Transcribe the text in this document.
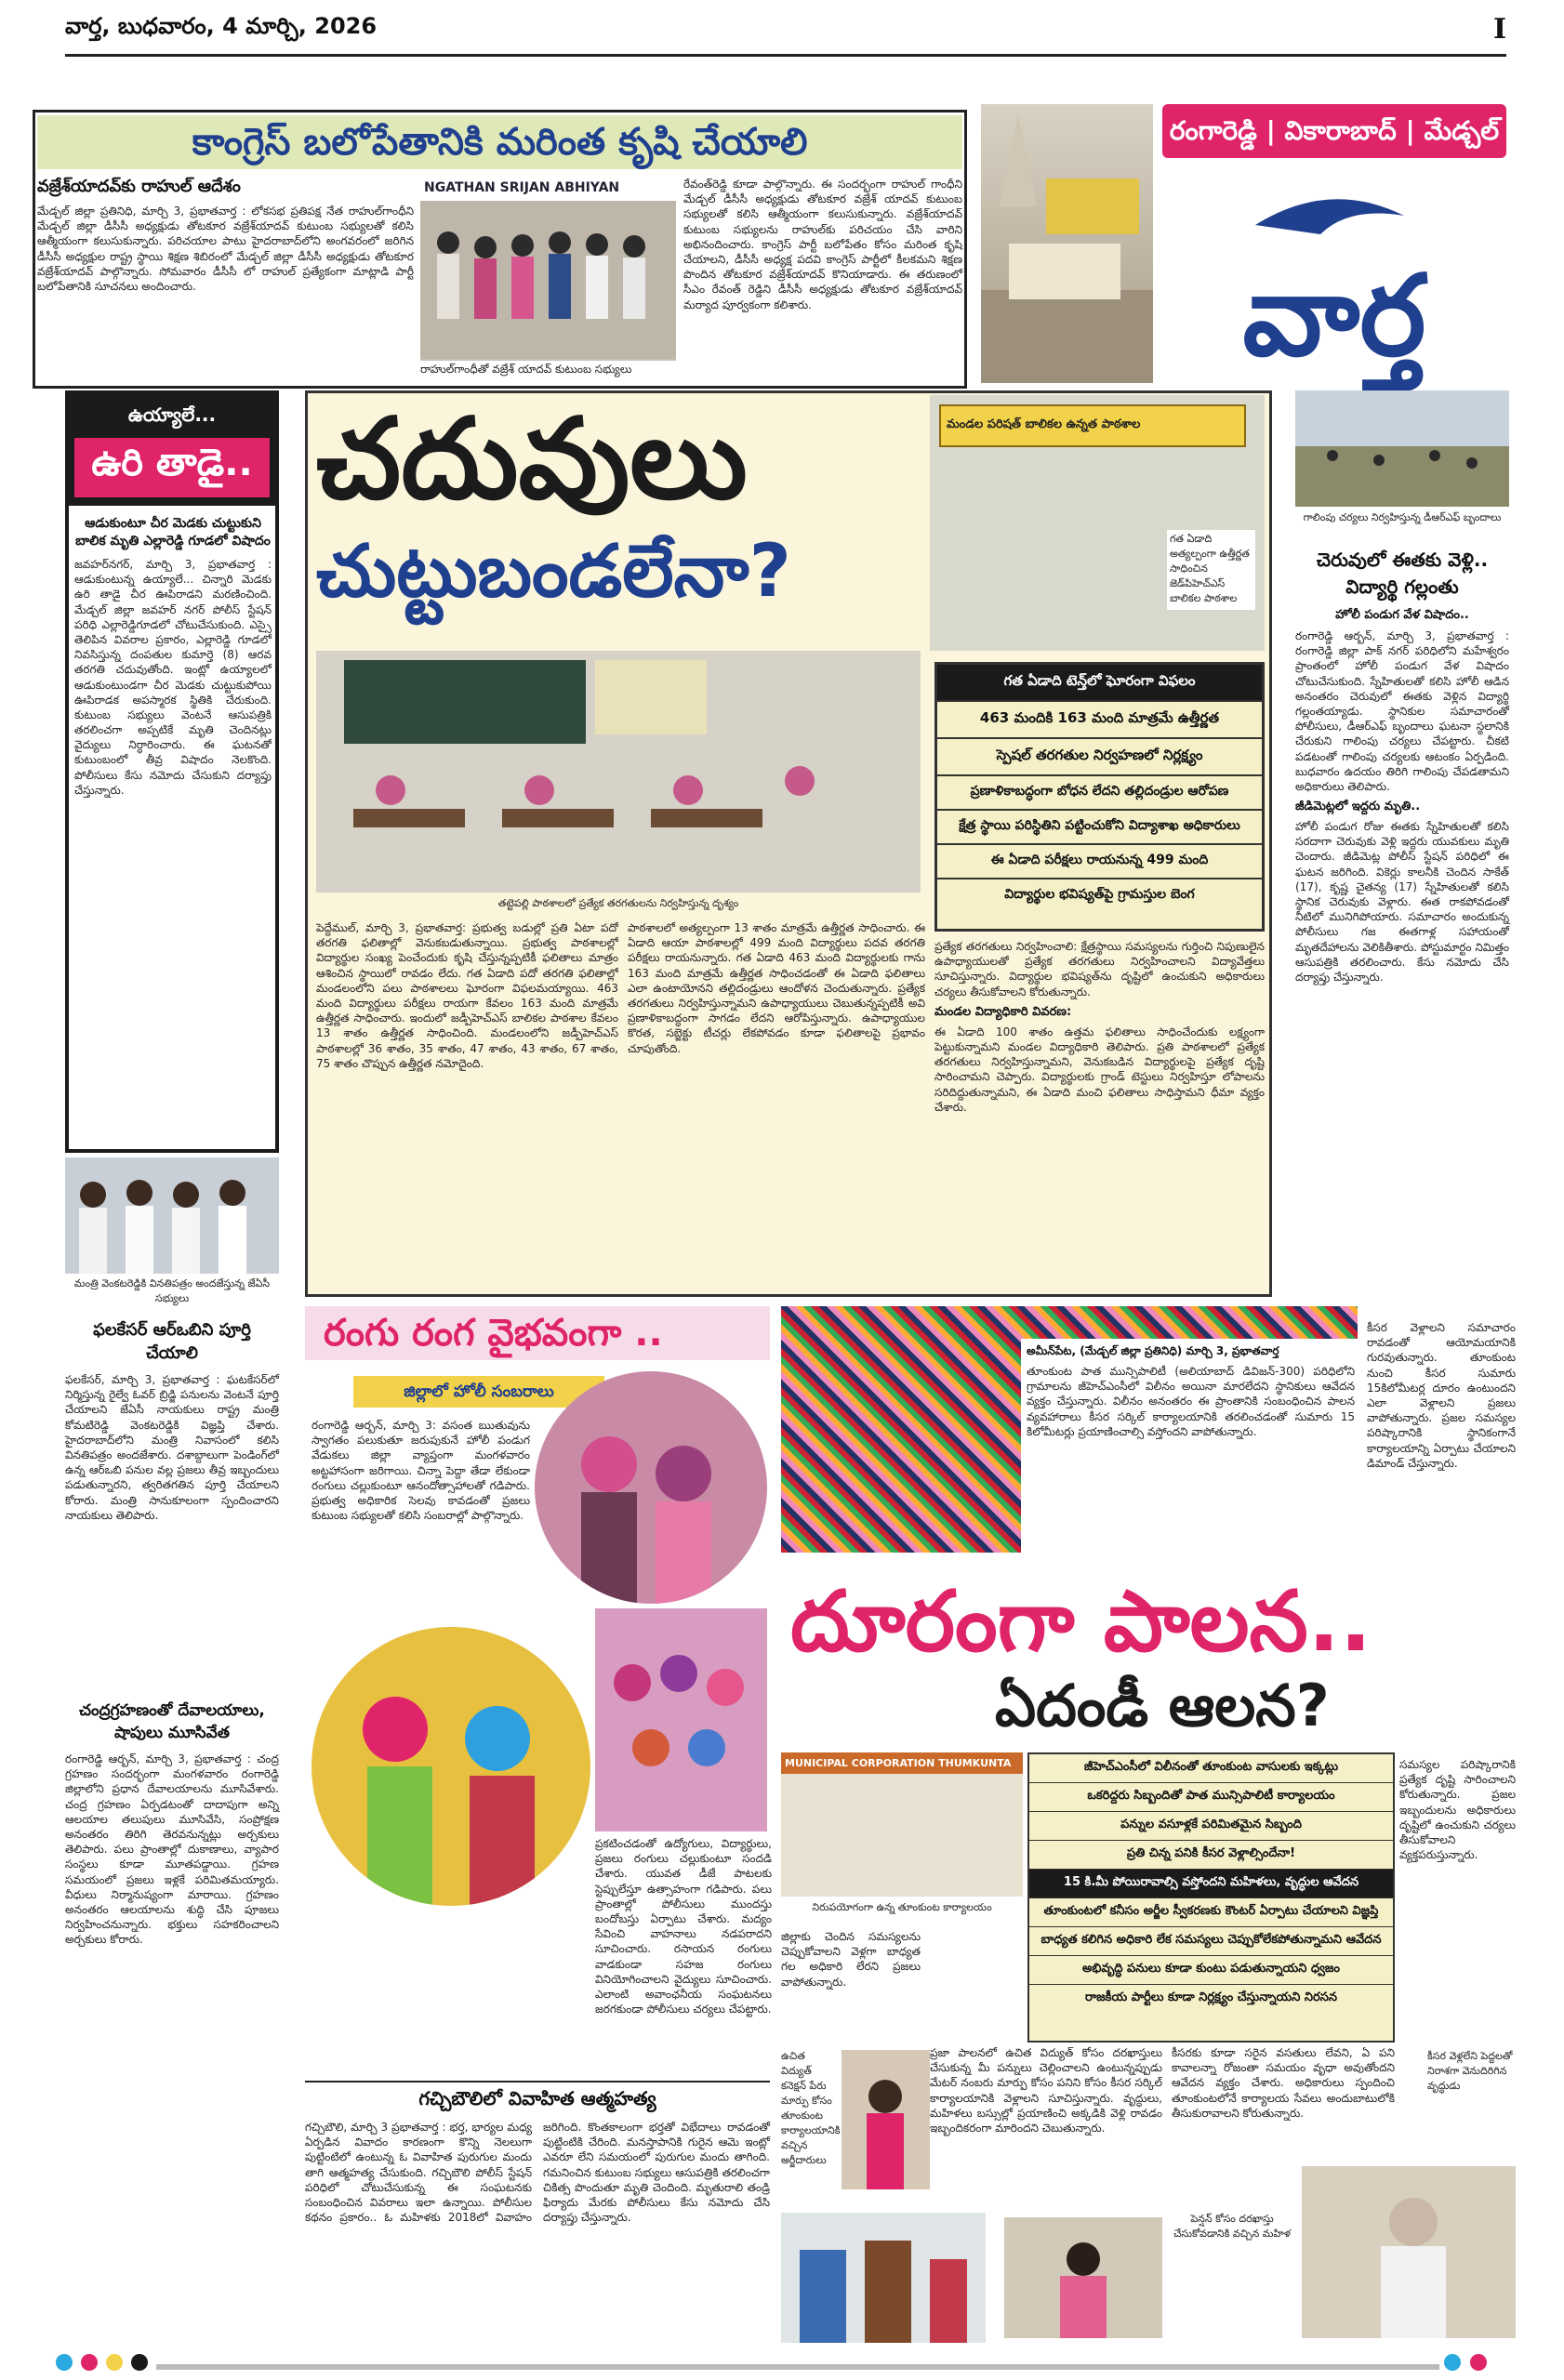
వార్త, బుధవారం, 4 మార్చి, 2026	I
కాంగ్రెస్ బలోపేతానికి మరింత కృషి చేయాలి
వజ్రేశ్‌యాదవ్‌కు రాహుల్ ఆదేశం
మేడ్చల్ జిల్లా ప్రతినిధి, మార్చి 3, ప్రభాతవార్త : లోకసభ ప్రతిపక్ష నేత రాహుల్‌గాంధీని మేడ్చల్ జిల్లా డీసీసీ అధ్యక్షుడు తోటకూర వజ్రేశ్‌యాదవ్ కుటుంబ సభ్యులతో కలిసి ఆత్మీయంగా కలుసుకున్నారు. పరిచయాల పాటు హైదరాబాద్‌లోని అంగవరంలో జరిగిన డీసీసీ అధ్యక్షుల రాష్ట్ర స్థాయి శిక్షణ శిబిరంలో మేడ్చల్ జిల్లా డీసీసీ అధ్యక్షుడు తోటకూర వజ్రేశ్‌యాదవ్ పాల్గొన్నారు. సోమవారం డీసీసీ లో రాహుల్ ప్రత్యేకంగా మాట్లాడి పార్టీ బలోపేతానికి సూచనలు అందించారు.
NGATHAN SRIJAN ABHIYAN
రాహుల్‌గాంధీతో వజ్రేశ్ యాదవ్ కుటుంబ సభ్యులు
రేవంత్‌రెడ్డి కూడా పాల్గొన్నారు. ఈ సందర్భంగా రాహుల్ గాంధీని మేడ్చల్ డీసీసీ అధ్యక్షుడు తోటకూర వజ్రేశ్ యాదవ్ కుటుంబ సభ్యులతో కలిసి ఆత్మీయంగా కలుసుకున్నారు. వజ్రేశ్‌యాదవ్ కుటుంబ సభ్యులను రాహుల్‌కు పరిచయం చేసి వారిని అభినందించారు. కాంగ్రెస్ పార్టీ బలోపేతం కోసం మరింత కృషి చేయాలని, డీసీసీ అధ్యక్ష పదవి కాంగ్రెస్ పార్టీలో కీలకమని శిక్షణ పొందిన తోటకూర వజ్రేశ్‌యాదవ్ కొనియాడారు. ఈ తరుణంలో సీఎం రేవంత్ రెడ్డిని డీసీసీ అధ్యక్షుడు తోటకూర వజ్రేశ్‌యాదవ్ మర్యాద పూర్వకంగా కలిశారు.
రంగారెడ్డి | వికారాబాద్ | మేడ్చల్
వార్త
ఉయ్యాలే...
ఉరి తాడై..
ఆడుకుంటూ చీర మెడకు చుట్టుకుని బాలిక మృతి ఎల్లారెడ్డి గూడలో విషాదం
జవహర్‌నగర్, మార్చి 3, ప్రభాతవార్త : ఆడుకుంటున్న ఉయ్యాలే... చిన్నారి మెడకు ఉరి తాడై చీర ఊపిరాడని మరణించింది. మేడ్చల్ జిల్లా జవహర్ నగర్ పోలీస్ స్టేషన్ పరిధి ఎల్లారెడ్డిగూడలో చోటుచేసుకుంది. ఎస్సై తెలిపిన వివరాల ప్రకారం, ఎల్లారెడ్డి గూడలో నివసిస్తున్న దంపతుల కుమార్తె (8) ఆరవ తరగతి చదువుతోంది. ఇంట్లో ఉయ్యాలలో ఆడుకుంటుండగా చీర మెడకు చుట్టుకుపోయి ఊపిరాడక అపస్మారక స్థితికి చేరుకుంది. కుటుంబ సభ్యులు వెంటనే ఆసుపత్రికి తరలించగా అప్పటికే మృతి చెందినట్లు వైద్యులు నిర్ధారించారు. ఈ ఘటనతో కుటుంబంలో తీవ్ర విషాదం నెలకొంది. పోలీసులు కేసు నమోదు చేసుకుని దర్యాప్తు చేస్తున్నారు.
మంత్రి వెంకటరెడ్డికి వినతిపత్రం అందజేస్తున్న జేఏసీ సభ్యులు
ఫలకేసర్ ఆర్‌ఒబిని పూర్తి చేయాలి
ఫలకేసర్, మార్చి 3, ప్రభాతవార్త : ఘటకేసర్‌లో నిర్మిస్తున్న రైల్వే ఓవర్ బ్రిడ్జి పనులను వెంటనే పూర్తి చేయాలని జేఏసీ నాయకులు రాష్ట్ర మంత్రి కోమటిరెడ్డి వెంకటరెడ్డికి విజ్ఞప్తి చేశారు. హైదరాబాద్‌లోని మంత్రి నివాసంలో కలిసి వినతిపత్రం అందజేశారు. దశాబ్దాలుగా పెండింగ్‌లో ఉన్న ఆర్‌ఒబి పనుల వల్ల ప్రజలు తీవ్ర ఇబ్బందులు పడుతున్నారని, త్వరితగతిన పూర్తి చేయాలని కోరారు. మంత్రి సానుకూలంగా స్పందించారని నాయకులు తెలిపారు.
చంద్రగ్రహణంతో దేవాలయాలు, షాపులు మూసివేత
రంగారెడ్డి ఆర్బన్, మార్చి 3, ప్రభాతవార్త : చంద్ర గ్రహణం సందర్భంగా మంగళవారం రంగారెడ్డి జిల్లాలోని ప్రధాన దేవాలయాలను మూసివేశారు. చంద్ర గ్రహణం ఏర్పడటంతో దాదాపుగా అన్ని ఆలయాల తలుపులు మూసివేసి, సంప్రోక్షణ అనంతరం తిరిగి తెరవనున్నట్లు అర్చకులు తెలిపారు. పలు ప్రాంతాల్లో దుకాణాలు, వ్యాపార సంస్థలు కూడా మూతపడ్డాయి. గ్రహణ సమయంలో ప్రజలు ఇళ్లకే పరిమితమయ్యారు. వీధులు నిర్మానుష్యంగా మారాయి. గ్రహణం అనంతరం ఆలయాలను శుద్ధి చేసి పూజలు నిర్వహించనున్నారు. భక్తులు సహకరించాలని అర్చకులు కోరారు.
చదువులు
చుట్టుబండలేనా?
మండల పరిషత్ బాలికల ఉన్నత పాఠశాల
గత ఏడాది అత్యల్పంగా ఉత్తీర్ణత సాధించిన జెడ్‌పిహెచ్‌ఎస్ బాలికల పాఠశాల
తట్టెపల్లి పాఠశాలలో ప్రత్యేక తరగతులను నిర్వహిస్తున్న దృశ్యం
గత ఏడాది టెన్త్‌లో ఘోరంగా విఫలం
463 మందికి 163 మంది మాత్రమే ఉత్తీర్ణత
స్పెషల్ తరగతుల నిర్వహణలో నిర్లక్ష్యం
ప్రణాళికాబద్ధంగా బోధన లేదని తల్లిదండ్రుల ఆరోపణ
క్షేత్ర స్థాయి పరిస్థితిని పట్టించుకోని విద్యాశాఖ అధికారులు
ఈ ఏడాది పరీక్షలు రాయనున్న 499 మంది
విద్యార్థుల భవిష్యత్‌పై గ్రామస్తుల బెంగ
పెద్దేముల్, మార్చి 3, ప్రభాతవార్త: ప్రభుత్వ బడుల్లో ప్రతి ఏటా పదో తరగతి ఫలితాల్లో వెనుకబడుతున్నాయి. ప్రభుత్వ పాఠశాలల్లో విద్యార్థుల సంఖ్య పెంచేందుకు కృషి చేస్తున్నప్పటికీ ఫలితాలు మాత్రం ఆశించిన స్థాయిలో రావడం లేదు. గత ఏడాది పదో తరగతి ఫలితాల్లో మండలంలోని పలు పాఠశాలలు ఘోరంగా విఫలమయ్యాయి. 463 మంది విద్యార్థులు పరీక్షలు రాయగా కేవలం 163 మంది మాత్రమే ఉత్తీర్ణత సాధించారు. ఇందులో జడ్పీహెచ్‌ఎస్ బాలికల పాఠశాల కేవలం 13 శాతం ఉత్తీర్ణత సాధించింది. మండలంలోని జడ్పీహెచ్‌ఎస్ పాఠశాలల్లో 36 శాతం, 35 శాతం, 47 శాతం, 43 శాతం, 67 శాతం, 75 శాతం చొప్పున ఉత్తీర్ణత నమోదైంది.
పాఠశాలలో అత్యల్పంగా 13 శాతం మాత్రమే ఉత్తీర్ణత సాధించారు. ఈ ఏడాది ఆయా పాఠశాలల్లో 499 మంది విద్యార్థులు పదవ తరగతి పరీక్షలు రాయనున్నారు. గత ఏడాది 463 మంది విద్యార్థులకు గాను 163 మంది మాత్రమే ఉత్తీర్ణత సాధించడంతో ఈ ఏడాది ఫలితాలు ఎలా ఉంటాయోనని తల్లిదండ్రులు ఆందోళన చెందుతున్నారు. ప్రత్యేక తరగతులు నిర్వహిస్తున్నామని ఉపాధ్యాయులు చెబుతున్నప్పటికీ అవి ప్రణాళికాబద్ధంగా సాగడం లేదని ఆరోపిస్తున్నారు. ఉపాధ్యాయుల కొరత, సబ్జెక్టు టీచర్లు లేకపోవడం కూడా ఫలితాలపై ప్రభావం చూపుతోంది.
ప్రత్యేక తరగతులు నిర్వహించాలి: క్షేత్రస్థాయి సమస్యలను గుర్తించి నిపుణులైన ఉపాధ్యాయులతో ప్రత్యేక తరగతులు నిర్వహించాలని విద్యావేత్తలు సూచిస్తున్నారు. విద్యార్థుల భవిష్యత్‌ను దృష్టిలో ఉంచుకుని అధికారులు చర్యలు తీసుకోవాలని కోరుతున్నారు.
మండల విద్యాధికారి వివరణ:
ఈ ఏడాది 100 శాతం ఉత్తమ ఫలితాలు సాధించేందుకు లక్ష్యంగా పెట్టుకున్నామని మండల విద్యాధికారి తెలిపారు. ప్రతి పాఠశాలలో ప్రత్యేక తరగతులు నిర్వహిస్తున్నామని, వెనుకబడిన విద్యార్థులపై ప్రత్యేక దృష్టి సారించామని చెప్పారు. విద్యార్థులకు గ్రాండ్ టెస్టులు నిర్వహిస్తూ లోపాలను సరిదిద్దుతున్నామని, ఈ ఏడాది మంచి ఫలితాలు సాధిస్తామని ధీమా వ్యక్తం చేశారు.
గాలింపు చర్యలు నిర్వహిస్తున్న డీఆర్‌ఎఫ్ బృందాలు
చెరువులో ఈతకు వెళ్లి.. విద్యార్థి గల్లంతు
హోలీ పండుగ వేళ విషాదం..
రంగారెడ్డి ఆర్బన్, మార్చి 3, ప్రభాతవార్త : రంగారెడ్డి జిల్లా పాక్ నగర్ పరిధిలోని మహేశ్వరం ప్రాంతంలో హోలీ పండుగ వేళ విషాదం చోటుచేసుకుంది. స్నేహితులతో కలిసి హోలీ ఆడిన అనంతరం చెరువులో ఈతకు వెళ్లిన విద్యార్థి గల్లంతయ్యాడు. స్థానికుల సమాచారంతో పోలీసులు, డీఆర్‌ఎఫ్ బృందాలు ఘటనా స్థలానికి చేరుకుని గాలింపు చర్యలు చేపట్టారు. చీకటి పడటంతో గాలింపు చర్యలకు ఆటంకం ఏర్పడింది. బుధవారం ఉదయం తిరిగి గాలింపు చేపడతామని అధికారులు తెలిపారు.
జీడిమెట్లలో ఇద్దరు మృతి..
హోలీ పండుగ రోజు ఈతకు స్నేహితులతో కలిసి సరదాగా చెరువుకు వెళ్లి ఇద్దరు యువకులు మృతి చెందారు. జీడిమెట్ల పోలీస్ స్టేషన్ పరిధిలో ఈ ఘటన జరిగింది. వికెర్లు కాలనీకి చెందిన సాకేత్ (17), కృష్ణ చైతన్య (17) స్నేహితులతో కలిసి స్థానిక చెరువుకు వెళ్లారు. ఈత రాకపోవడంతో నీటిలో మునిగిపోయారు. సమాచారం అందుకున్న పోలీసులు గజ ఈతగాళ్ల సహాయంతో మృతదేహాలను వెలికితీశారు. పోస్టుమార్టం నిమిత్తం ఆసుపత్రికి తరలించారు. కేసు నమోదు చేసి దర్యాప్తు చేస్తున్నారు.
రంగు రంగ వైభవంగా ..
జిల్లాలో హోలీ సంబరాలు
రంగారెడ్డి ఆర్బన్, మార్చి 3: వసంత ఋతువును స్వాగతం పలుకుతూ జరుపుకునే హోలీ పండుగ వేడుకలు జిల్లా వ్యాప్తంగా మంగళవారం అట్టహాసంగా జరిగాయి. చిన్నా పెద్దా తేడా లేకుండా రంగులు చల్లుకుంటూ ఆనందోత్సాహాలతో గడిపారు. ప్రభుత్వ అధికారిక సెలవు కావడంతో ప్రజలు కుటుంబ సభ్యులతో కలిసి సంబరాల్లో పాల్గొన్నారు.
ప్రకటించడంతో ఉద్యోగులు, విద్యార్థులు, ప్రజలు రంగులు చల్లుకుంటూ సందడి చేశారు. యువత డీజే పాటలకు స్టెప్పులేస్తూ ఉత్సాహంగా గడిపారు. పలు ప్రాంతాల్లో పోలీసులు ముందస్తు బందోబస్తు ఏర్పాటు చేశారు. మద్యం సేవించి వాహనాలు నడపరాదని సూచించారు. రసాయన రంగులు వాడకుండా సహజ రంగులు వినియోగించాలని వైద్యులు సూచించారు. ఎలాంటి అవాంఛనీయ సంఘటనలు జరగకుండా పోలీసులు చర్యలు చేపట్టారు.
అమీన్‌పేట, (మేడ్చల్ జిల్లా ప్రతినిధి) మార్చి 3, ప్రభాతవార్త
తూంకుంట పాత మున్సిపాలిటీ (అలియాబాద్ డివిజన్-300) పరిధిలోని గ్రామాలను జీహెచ్‌ఎంసీలో విలీనం అయినా మారలేదని స్థానికులు ఆవేదన వ్యక్తం చేస్తున్నారు. విలీనం అనంతరం ఈ ప్రాంతానికి సంబంధించిన పాలన వ్యవహారాలు కీసర సర్కిల్ కార్యాలయానికి తరలించడంతో సుమారు 15 కిలోమీటర్లు ప్రయాణించాల్సి వస్తోందని వాపోతున్నారు.
కీసర వెళ్లాలని సమాచారం రావడంతో ఆయోమయానికి గురవుతున్నారు. తూంకుంట నుంచి కీసర సుమారు 15కిలోమీటర్ల దూరం ఉంటుందని ఎలా వెళ్లాలని ప్రజలు వాపోతున్నారు. ప్రజల సమస్యల పరిష్కారానికి స్థానికంగానే కార్యాలయాన్ని ఏర్పాటు చేయాలని డిమాండ్ చేస్తున్నారు.
దూరంగా పాలన..
ఏదండీ ఆలన?
MUNICIPAL CORPORATION THUMKUNTA
నిరుపయోగంగా ఉన్న తూంకుంట కార్యాలయం
జీహెచ్‌ఎంసీలో విలీనంతో తూంకుంట వాసులకు ఇక్కట్లు
ఒకరిద్దరు సిబ్బందితో పాత మున్సిపాలిటీ కార్యాలయం
పన్నుల వసూళ్లకే పరిమితమైన సిబ్బంది
ప్రతి చిన్న పనికి కీసర వెళ్లాల్సిందేనా!
15 కి.మీ పోయిరావాల్సి వస్తోందని మహిళలు, వృద్ధుల ఆవేదన
తూంకుంటలో కనీసం అర్జీల స్వీకరణకు కౌంటర్ ఏర్పాటు చేయాలని విజ్ఞప్తి
బాధ్యత కలిగిన అధికారి లేక సమస్యలు చెప్పుకోలేకపోతున్నామని ఆవేదన
అభివృద్ధి పనులు కూడా కుంటు పడుతున్నాయని ధ్వజం
రాజకీయ పార్టీలు కూడా నిర్లక్ష్యం చేస్తున్నాయని నిరసన
సమస్యల పరిష్కారానికి ప్రత్యేక దృష్టి సారించాలని కోరుతున్నారు. ప్రజల ఇబ్బందులను అధికారులు దృష్టిలో ఉంచుకుని చర్యలు తీసుకోవాలని వ్యక్తపరుస్తున్నారు.
జిల్లాకు చెందిన సమస్యలను చెప్పుకోవాలని వెళ్లగా బాధ్యత గల అధికారి లేరని ప్రజలు వాపోతున్నారు.
ప్రజా పాలనలో ఉచిత విద్యుత్ కోసం దరఖాస్తులు చేసుకున్న మీ పన్నులు చెల్లించాలని ఉంటున్నప్పుడు మేటర్ నంబరు మార్పు కోసం పనిని కోసం కీసర సర్కిల్ కార్యాలయానికి వెళ్లాలని సూచిస్తున్నారు. వృద్ధులు, మహిళలు బస్సుల్లో ప్రయాణించి అక్కడికి వెళ్లి రావడం ఇబ్బందికరంగా మారిందని చెబుతున్నారు.
కీసరకు కూడా సరైన వసతులు లేవని, ఏ పని కావాలన్నా రోజంతా సమయం వృధా అవుతోందని ఆవేదన వ్యక్తం చేశారు. అధికారులు స్పందించి తూంకుంటలోనే కార్యాలయ సేవలు అందుబాటులోకి తీసుకురావాలని కోరుతున్నారు.
ఉచిత విద్యుత్ కనెక్షన్ పేరు మార్పు కోసం తూంకుంట కార్యాలయానికి వచ్చిన అర్జీదారులు
పెన్షన్ కోసం దరఖాస్తు చేసుకోవడానికి వచ్చిన మహిళ
కీసర వెళ్లలేని పెద్దలతో నిరాశగా వెనుదిరిగిన వృద్ధుడు
గచ్చిబౌలిలో వివాహిత ఆత్మహత్య
గచ్చిబౌలి, మార్చి 3 ప్రభాతవార్త : భర్త, భార్యల మధ్య ఏర్పడిన వివాదం కారణంగా కొన్ని నెలలుగా పుట్టింటిలో ఉంటున్న ఓ వివాహిత పురుగుల మందు తాగి ఆత్మహత్య చేసుకుంది. గచ్చిబౌలి పోలీస్ స్టేషన్ పరిధిలో చోటుచేసుకున్న ఈ సంఘటనకు సంబంధించిన వివరాలు ఇలా ఉన్నాయి. పోలీసుల కథనం ప్రకారం.. ఓ మహిళకు 2018లో వివాహం జరిగింది. కొంతకాలంగా భర్తతో విభేదాలు రావడంతో పుట్టింటికి చేరింది. మనస్తాపానికి గురైన ఆమె ఇంట్లో ఎవరూ లేని సమయంలో పురుగుల మందు తాగింది. గమనించిన కుటుంబ సభ్యులు ఆసుపత్రికి తరలించగా చికిత్స పొందుతూ మృతి చెందింది. మృతురాలి తండ్రి ఫిర్యాదు మేరకు పోలీసులు కేసు నమోదు చేసి దర్యాప్తు చేస్తున్నారు.
